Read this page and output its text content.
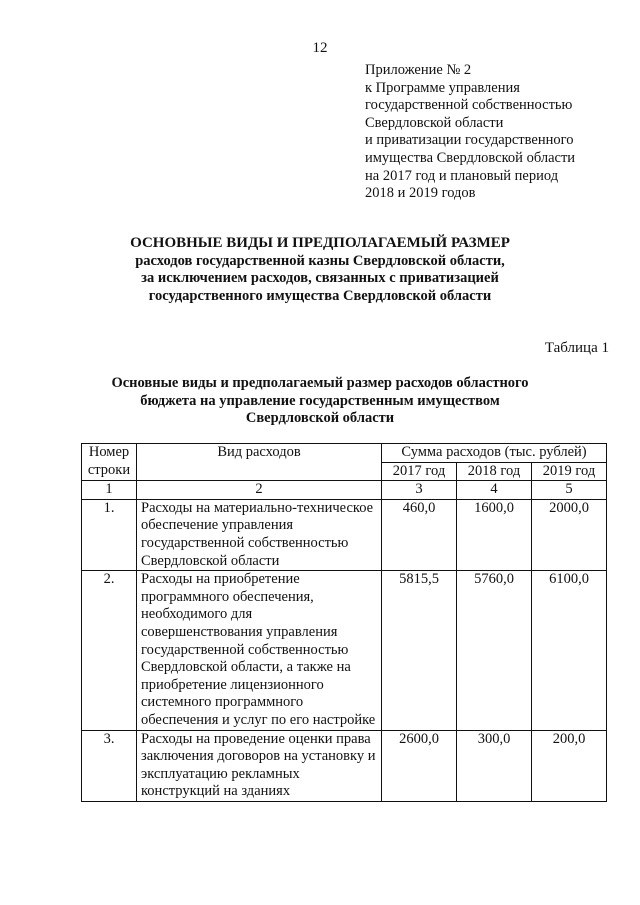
12
Приложение № 2
к Программе управления
государственной собственностью
Свердловской области
и приватизации государственного
имущества Свердловской области
на 2017 год и плановый период
2018 и 2019 годов
ОСНОВНЫЕ ВИДЫ И ПРЕДПОЛАГАЕМЫЙ РАЗМЕР
расходов государственной казны Свердловской области,
за исключением расходов, связанных с приватизацией
государственного имущества Свердловской области
Таблица 1
Основные виды и предполагаемый размер расходов областного
бюджета на управление государственным имуществом
Свердловской области
Номер
строки	Вид расходов	Сумма расходов (тыс. рублей)		
		2017 год	2018 год	2019 год
1	2	3	4	5
1.	Расходы на материально-техническое обеспечение управления государственной собственностью Свердловской области	460,0	1600,0	2000,0
2.	Расходы на приобретение программного обеспечения, необходимого для совершенствования управления государственной собственностью Свердловской области, а также на приобретение лицензионного системного программного обеспечения и услуг по его настройке	5815,5	5760,0	6100,0
3.	Расходы на проведение оценки права заключения договоров на установку и эксплуатацию рекламных конструкций на зданиях	2600,0	300,0	200,0
